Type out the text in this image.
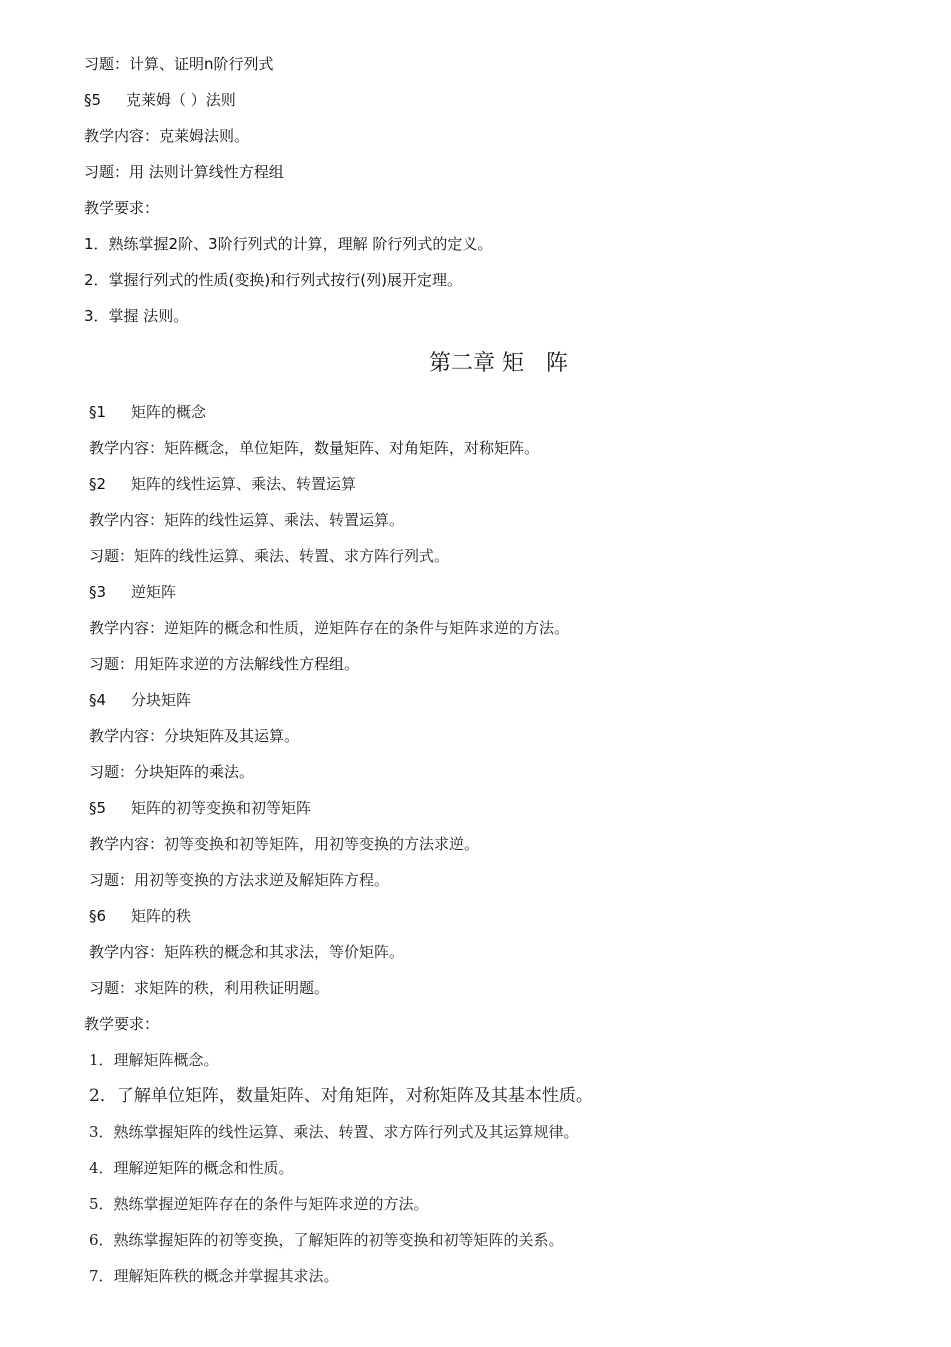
习题：计算、证明n阶行列式
§5 克莱姆（ ）法则
教学内容：克莱姆法则。
习题：用 法则计算线性方程组
教学要求：
1．熟练掌握2阶、3阶行列式的计算，理解 阶行列式的定义。
2．掌握行列式的性质(变换)和行列式按行(列)展开定理。
3．掌握 法则。
第二章 矩　阵
§1 矩阵的概念
教学内容：矩阵概念，单位矩阵，数量矩阵、对角矩阵，对称矩阵。
§2 矩阵的线性运算、乘法、转置运算
教学内容：矩阵的线性运算、乘法、转置运算。
习题：矩阵的线性运算、乘法、转置、求方阵行列式。
§3 逆矩阵
教学内容：逆矩阵的概念和性质，逆矩阵存在的条件与矩阵求逆的方法。
习题：用矩阵求逆的方法解线性方程组。
§4 分块矩阵
教学内容：分块矩阵及其运算。
习题：分块矩阵的乘法。
§5 矩阵的初等变换和初等矩阵
教学内容：初等变换和初等矩阵，用初等变换的方法求逆。
习题：用初等变换的方法求逆及解矩阵方程。
§6 矩阵的秩
教学内容：矩阵秩的概念和其求法，等价矩阵。
习题：求矩阵的秩，利用秩证明题。
教学要求：
1．理解矩阵概念。
2．了解单位矩阵，数量矩阵、对角矩阵，对称矩阵及其基本性质。
3．熟练掌握矩阵的线性运算、乘法、转置、求方阵行列式及其运算规律。
4．理解逆矩阵的概念和性质。
5．熟练掌握逆矩阵存在的条件与矩阵求逆的方法。
6．熟练掌握矩阵的初等变换，了解矩阵的初等变换和初等矩阵的关系。
7．理解矩阵秩的概念并掌握其求法。
